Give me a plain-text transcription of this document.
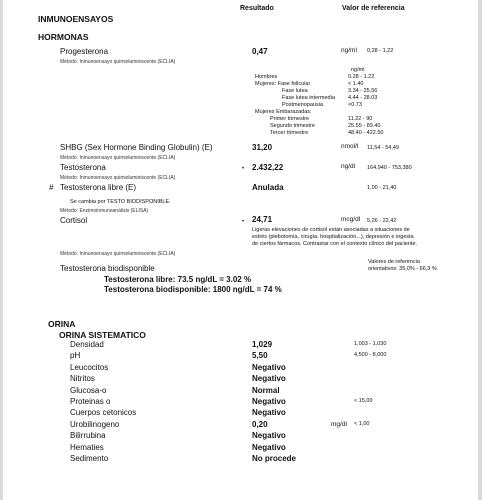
Resultado	Valor de referencia
INMUNOENSAYOS
HORMONAS
Progesterona	0,47	ng/ml 0,28 - 1,22
Método: Inmunoensayo quimioluminiscente (ECLIA)
ng/ml
Hombres	0.28 - 1.22
Mujeres: Fase folicular	< 1.40
Fase lutea	3.34 - 25.56
Fase lutea intermedia 4.44 - 28.03
Postmenopausia	<0.73
Mujeres Embarazadas:
Primer trimestre	11.22 - 90
Segundo trimestre	25.55 - 89.40
Tercer trimestre	48.40 - 422.50
SHBG (Sex Hormone Binding Globulin) (E)	31,20	nmol/l 11,54 - 54,49
Método: Inmunoensayo quimioluminiscente (ECLIA)
Testosterona	• 2.432,22	ng/dl 164,940 - 753,380
Método: Inmunoensayo quimioluminiscente (ECLIA)
# Testosterona libre (E)	Anulada	1,00 - 21,40
Se cambia por TESTO BIODISPONIBLE.
Método: Enzimoinmunoanálisis (ELISA)
Cortisol	• 24,71	mcg/dl 5,26 - 22,42
Ligeras elevaciones de cortisol están asociadas a situaciones de
estrés (plebotomía, cirugía, hospitalización...), depresión e ingesta
de ciertos fármacos. Contrastar con el contexto clínico del paciente.
Método: Inmunoensayo quimioluminiscente (ECLIA)
Valores de referencia
orientativos: 35,0% - 66,3 %
Testosterona biodisponible
Testosterona libre: 73.5 ng/dL = 3.02 %
Testosterona biodisponible: 1800 ng/dL = 74 %
ORINA
ORINA SISTEMATICO
Densidad	1,029	1,003 - 1,030
pH	5,50	4,500 - 8,000
Leucocitos	Negativo
Nitritos	Negativo
Glucosa-o	Normal
Proteinas o	Negativo	< 15,00
Cuerpos cetonicos	Negativo
Urobilinogeno	0,20	mg/dl < 1,00
Bilirrubina	Negativo
Hematies	Negativo
Sedimento	No procede
